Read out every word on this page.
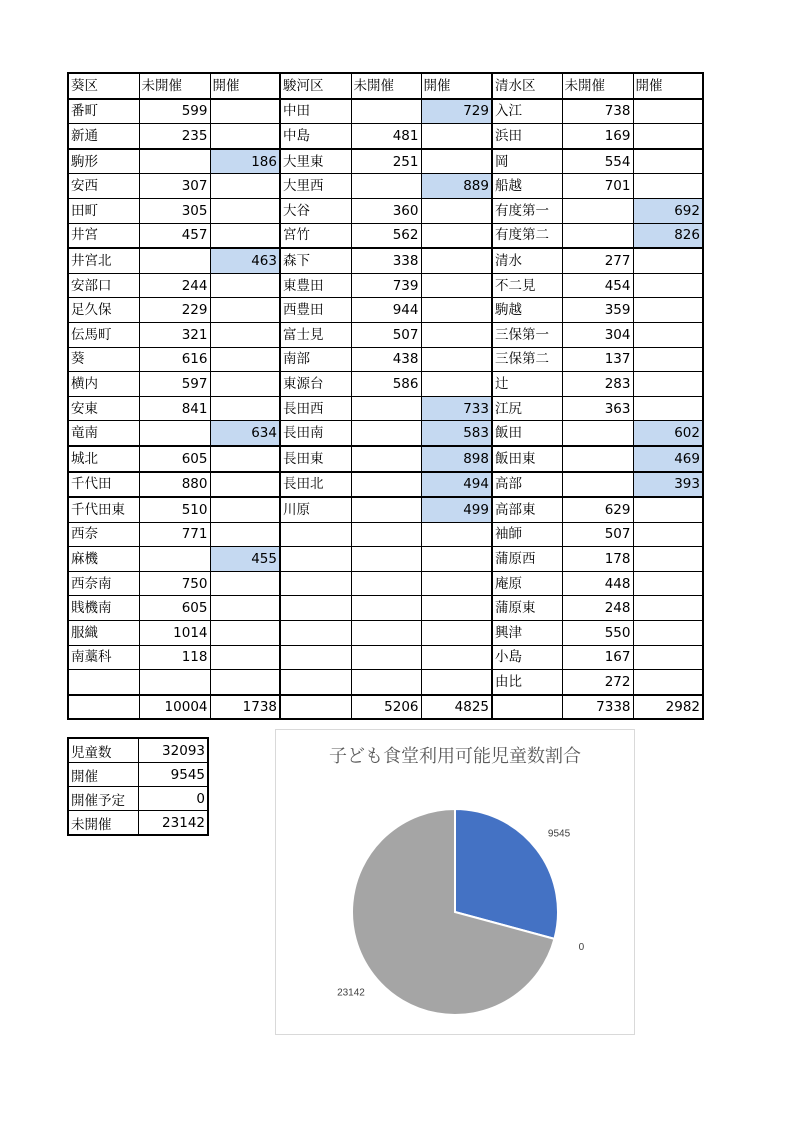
葵区	未開催	開催	駿河区	未開催	開催	清水区	未開催	開催
番町	599		中田		729	入江	738	
新通	235		中島	481		浜田	169	
駒形		186	大里東	251		岡	554	
安西	307		大里西		889	船越	701	
田町	305		大谷	360		有度第一		692
井宮	457		宮竹	562		有度第二		826
井宮北		463	森下	338		清水	277	
安部口	244		東豊田	739		不二見	454	
足久保	229		西豊田	944		駒越	359	
伝馬町	321		富士見	507		三保第一	304	
葵	616		南部	438		三保第二	137	
横内	597		東源台	586		辻	283	
安東	841		長田西		733	江尻	363	
竜南		634	長田南		583	飯田		602
城北	605		長田東		898	飯田東		469
千代田	880		長田北		494	高部		393
千代田東	510		川原		499	高部東	629	
西奈	771					袖師	507	
麻機		455				蒲原西	178	
西奈南	750					庵原	448	
賎機南	605					蒲原東	248	
服織	1014					興津	550	
南藁科	118					小島	167	
						由比	272	
	10004	1738		5206	4825		7338	2982
児童数	32093
開催	9545
開催予定	0
未開催	23142
子ども食堂利用可能児童数割合
9545
0
23142
